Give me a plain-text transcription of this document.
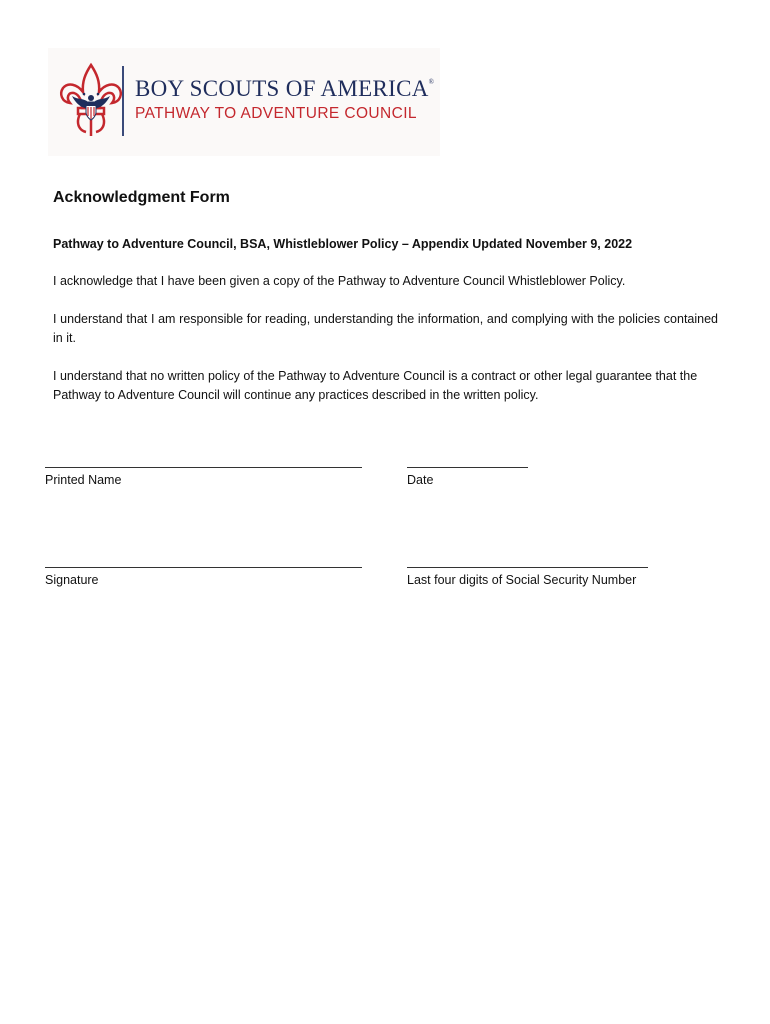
BOY SCOUTS OF AMERICA®
PATHWAY TO ADVENTURE COUNCIL
Acknowledgment Form

Pathway to Adventure Council, BSA, Whistleblower Policy – Appendix Updated November 9, 2022

I acknowledge that I have been given a copy of the Pathway to Adventure Council Whistleblower Policy.

I understand that I am responsible for reading, understanding the information, and complying with the policies contained in it.

I understand that no written policy of the Pathway to Adventure Council is a contract or other legal guarantee that the Pathway to Adventure Council will continue any practices described in the written policy.

Printed Name	Date
Signature	Last four digits of Social Security Number
